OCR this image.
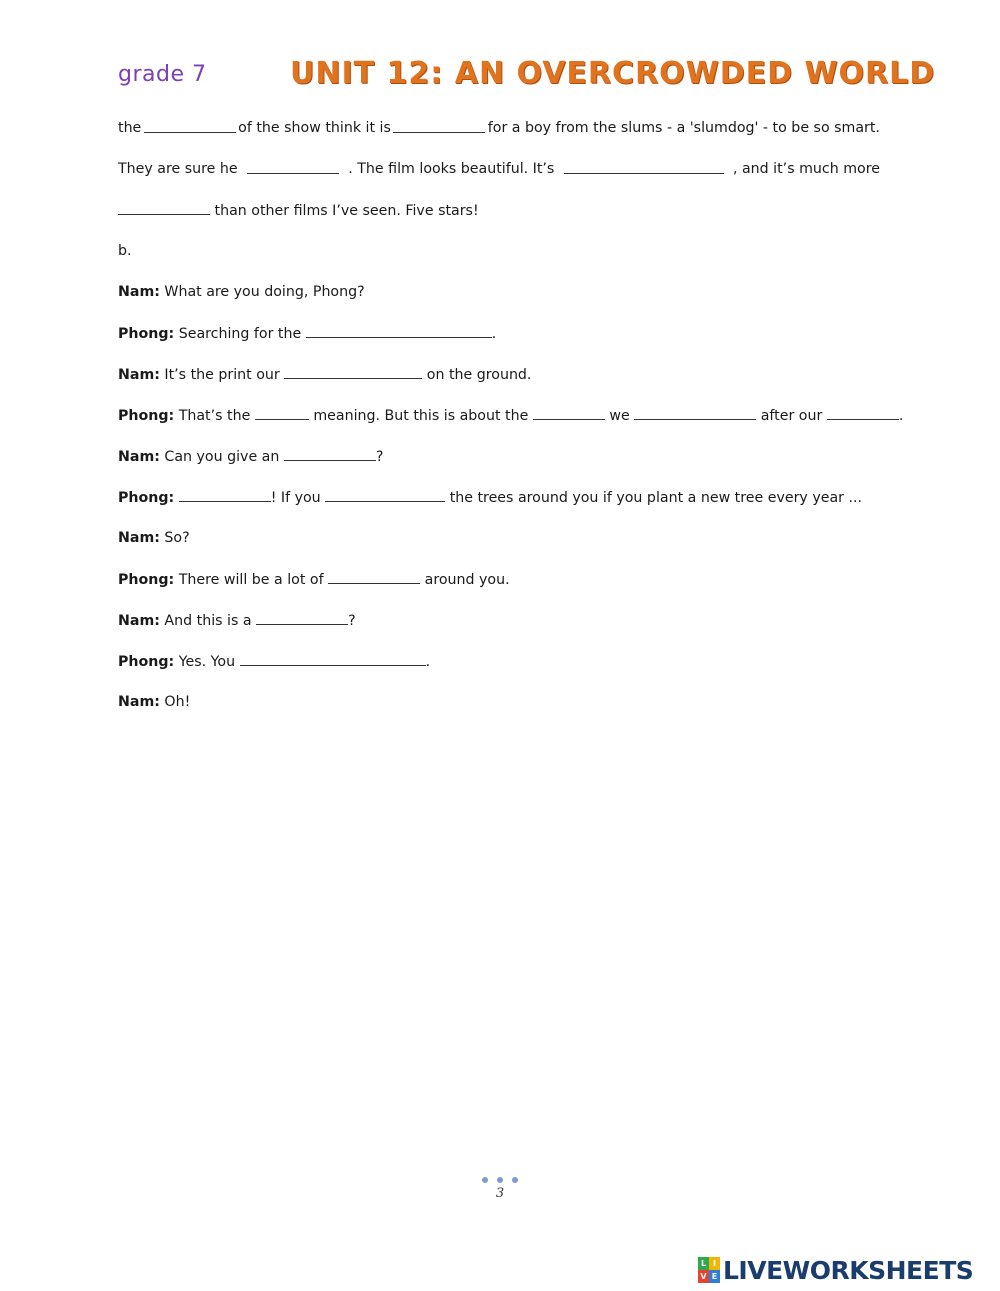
grade 7	UNIT 12: AN OVERCROWDED WORLD
the	of the show think it is	for a boy from the slums - a 'slumdog' - to be so smart.
They are sure he	. The film looks beautiful. It’s	, and it’s much more
than other films I’ve seen. Five stars!
b.
Nam: What are you doing, Phong?
Phong: Searching for the	.
Nam: It’s the print our	on the ground.
Phong: That’s the	meaning. But this is about the	we	after our	.
Nam: Can you give an	?
Phong:	! If you	the trees around you if you plant a new tree every year ...
Nam: So?
Phong: There will be a lot of	around you.
Nam: And this is a	?
Phong: Yes. You	.
Nam: Oh!
3
L I
V E LIVEWORKSHEETS
